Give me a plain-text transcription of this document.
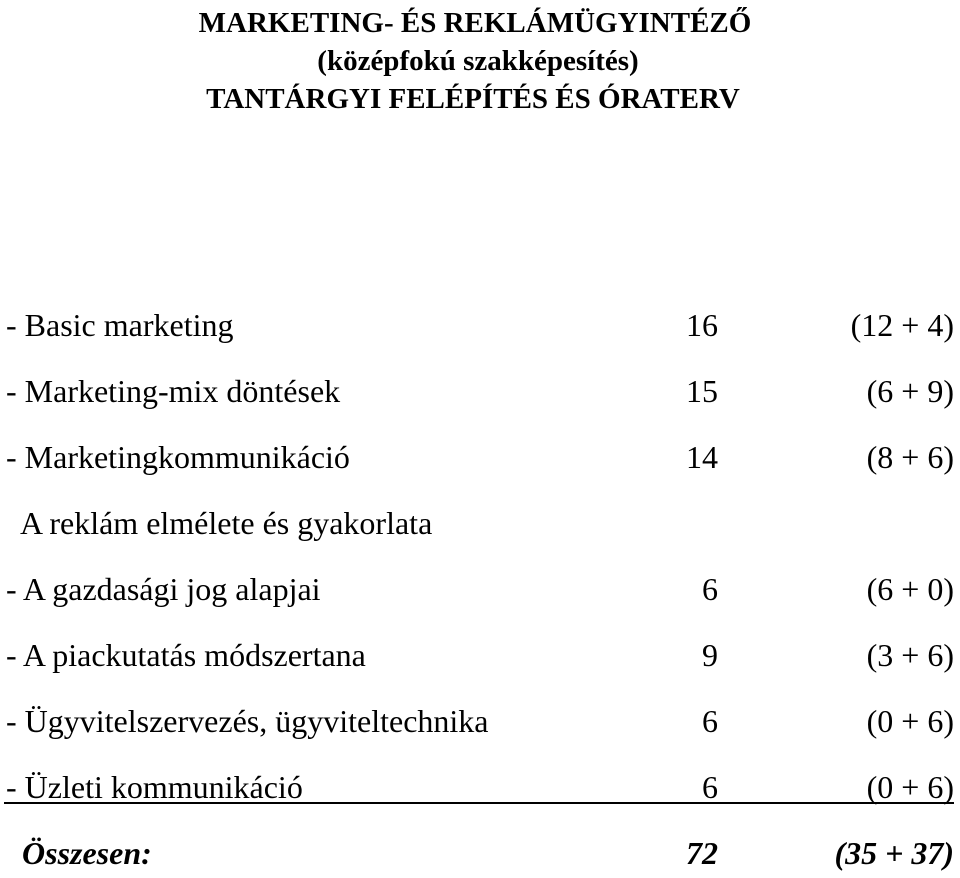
MARKETING- ÉS REKLÁMÜGYINTÉZŐ
(középfokú szakképesítés)
TANTÁRGYI FELÉPÍTÉS ÉS ÓRATERV
- Basic marketing	16	(12 + 4)
- Marketing-mix döntések	15	(6 + 9)
- Marketingkommunikáció	14	(8 + 6)
A reklám elmélete és gyakorlata
- A gazdasági jog alapjai	6	(6 + 0)
- A piackutatás módszertana	9	(3 + 6)
- Ügyvitelszervezés, ügyviteltechnika	6	(0 + 6)
- Üzleti kommunikáció	6	(0 + 6)
Összesen:	72	(35 + 37)
